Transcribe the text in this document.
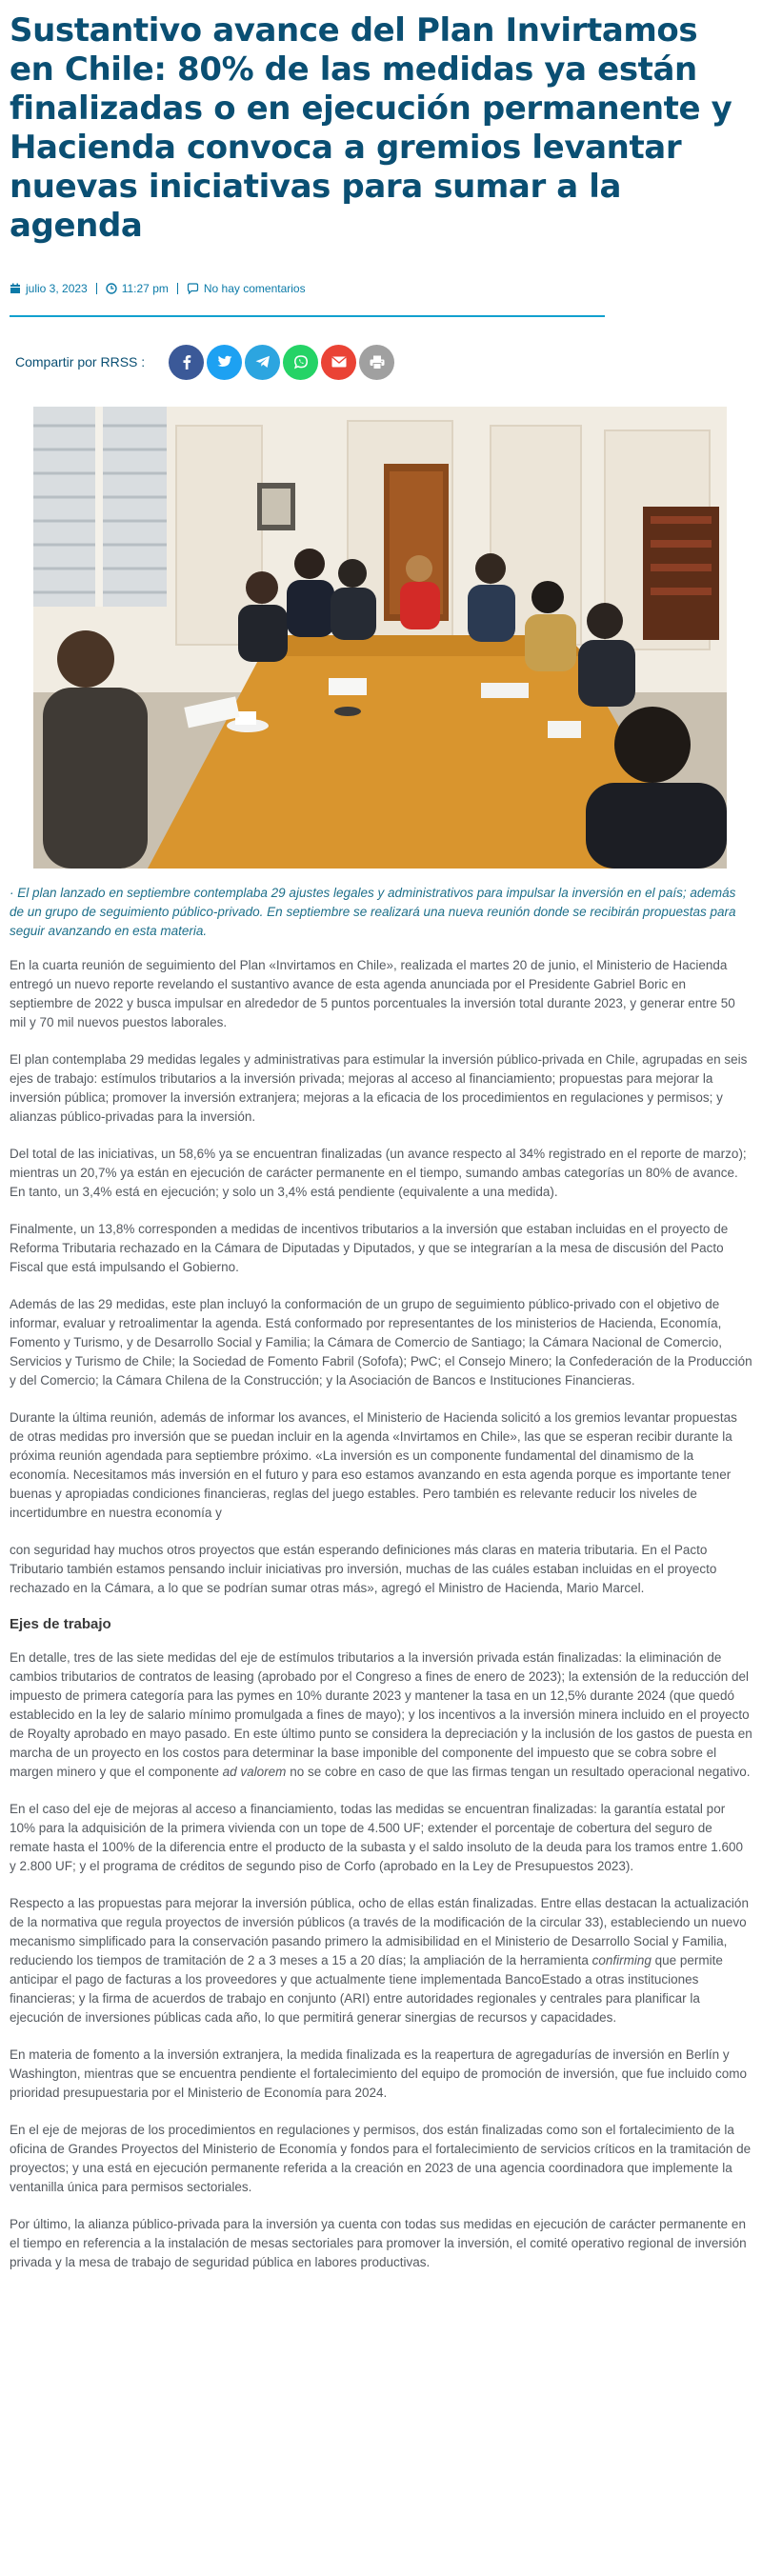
Sustantivo avance del Plan Invirtamos en Chile: 80% de las medidas ya están finalizadas o en ejecución permanente y Hacienda convoca a gremios levantar nuevas iniciativas para sumar a la agenda
julio 3, 2023	11:27 pm	No hay comentarios
Compartir por RRSS :

· El plan lanzado en septiembre contemplaba 29 ajustes legales y administrativos para impulsar la inversión en el país; además de un grupo de seguimiento público-privado. En septiembre se realizará una nueva reunión donde se recibirán propuestas para seguir avanzando en esta materia.

En la cuarta reunión de seguimiento del Plan «Invirtamos en Chile», realizada el martes 20 de junio, el Ministerio de Hacienda entregó un nuevo reporte revelando el sustantivo avance de esta agenda anunciada por el Presidente Gabriel Boric en septiembre de 2022 y busca impulsar en alrededor de 5 puntos porcentuales la inversión total durante 2023, y generar entre 50 mil y 70 mil nuevos puestos laborales.

El plan contemplaba 29 medidas legales y administrativas para estimular la inversión público-privada en Chile, agrupadas en seis ejes de trabajo: estímulos tributarios a la inversión privada; mejoras al acceso al financiamiento; propuestas para mejorar la inversión pública; promover la inversión extranjera; mejoras a la eficacia de los procedimientos en regulaciones y permisos; y alianzas público-privadas para la inversión.

Del total de las iniciativas, un 58,6% ya se encuentran finalizadas (un avance respecto al 34% registrado en el reporte de marzo); mientras un 20,7% ya están en ejecución de carácter permanente en el tiempo, sumando ambas categorías un 80% de avance. En tanto, un 3,4% está en ejecución; y solo un 3,4% está pendiente (equivalente a una medida).

Finalmente, un 13,8% corresponden a medidas de incentivos tributarios a la inversión que estaban incluidas en el proyecto de Reforma Tributaria rechazado en la Cámara de Diputadas y Diputados, y que se integrarían a la mesa de discusión del Pacto Fiscal que está impulsando el Gobierno.

Además de las 29 medidas, este plan incluyó la conformación de un grupo de seguimiento público-privado con el objetivo de informar, evaluar y retroalimentar la agenda. Está conformado por representantes de los ministerios de Hacienda, Economía, Fomento y Turismo, y de Desarrollo Social y Familia; la Cámara de Comercio de Santiago; la Cámara Nacional de Comercio, Servicios y Turismo de Chile; la Sociedad de Fomento Fabril (Sofofa); PwC; el Consejo Minero; la Confederación de la Producción y del Comercio; la Cámara Chilena de la Construcción; y la Asociación de Bancos e Instituciones Financieras.

Durante la última reunión, además de informar los avances, el Ministerio de Hacienda solicitó a los gremios levantar propuestas de otras medidas pro inversión que se puedan incluir en la agenda «Invirtamos en Chile», las que se esperan recibir durante la próxima reunión agendada para septiembre próximo. «La inversión es un componente fundamental del dinamismo de la economía. Necesitamos más inversión en el futuro y para eso estamos avanzando en esta agenda porque es importante tener buenas y apropiadas condiciones financieras, reglas del juego estables. Pero también es relevante reducir los niveles de incertidumbre en nuestra economía y

con seguridad hay muchos otros proyectos que están esperando definiciones más claras en materia tributaria. En el Pacto Tributario también estamos pensando incluir iniciativas pro inversión, muchas de las cuáles estaban incluidas en el proyecto rechazado en la Cámara, a lo que se podrían sumar otras más», agregó el Ministro de Hacienda, Mario Marcel.

Ejes de trabajo

En detalle, tres de las siete medidas del eje de estímulos tributarios a la inversión privada están finalizadas: la eliminación de cambios tributarios de contratos de leasing (aprobado por el Congreso a fines de enero de 2023); la extensión de la reducción del impuesto de primera categoría para las pymes en 10% durante 2023 y mantener la tasa en un 12,5% durante 2024 (que quedó establecido en la ley de salario mínimo promulgada a fines de mayo); y los incentivos a la inversión minera incluido en el proyecto de Royalty aprobado en mayo pasado. En este último punto se considera la depreciación y la inclusión de los gastos de puesta en marcha de un proyecto en los costos para determinar la base imponible del componente del impuesto que se cobra sobre el margen minero y que el componente ad valorem no se cobre en caso de que las firmas tengan un resultado operacional negativo.

En el caso del eje de mejoras al acceso a financiamiento, todas las medidas se encuentran finalizadas: la garantía estatal por 10% para la adquisición de la primera vivienda con un tope de 4.500 UF; extender el porcentaje de cobertura del seguro de remate hasta el 100% de la diferencia entre el producto de la subasta y el saldo insoluto de la deuda para los tramos entre 1.600 y 2.800 UF; y el programa de créditos de segundo piso de Corfo (aprobado en la Ley de Presupuestos 2023).

Respecto a las propuestas para mejorar la inversión pública, ocho de ellas están finalizadas. Entre ellas destacan la actualización de la normativa que regula proyectos de inversión públicos (a través de la modificación de la circular 33), estableciendo un nuevo mecanismo simplificado para la conservación pasando primero la admisibilidad en el Ministerio de Desarrollo Social y Familia, reduciendo los tiempos de tramitación de 2 a 3 meses a 15 a 20 días; la ampliación de la herramienta confirming que permite anticipar el pago de facturas a los proveedores y que actualmente tiene implementada BancoEstado a otras instituciones financieras; y la firma de acuerdos de trabajo en conjunto (ARI) entre autoridades regionales y centrales para planificar la ejecución de inversiones públicas cada año, lo que permitirá generar sinergias de recursos y capacidades.

En materia de fomento a la inversión extranjera, la medida finalizada es la reapertura de agregadurías de inversión en Berlín y Washington, mientras que se encuentra pendiente el fortalecimiento del equipo de promoción de inversión, que fue incluido como prioridad presupuestaria por el Ministerio de Economía para 2024.

En el eje de mejoras de los procedimientos en regulaciones y permisos, dos están finalizadas como son el fortalecimiento de la oficina de Grandes Proyectos del Ministerio de Economía y fondos para el fortalecimiento de servicios críticos en la tramitación de proyectos; y una está en ejecución permanente referida a la creación en 2023 de una agencia coordinadora que implemente la ventanilla única para permisos sectoriales.

Por último, la alianza público-privada para la inversión ya cuenta con todas sus medidas en ejecución de carácter permanente en el tiempo en referencia a la instalación de mesas sectoriales para promover la inversión, el comité operativo regional de inversión privada y la mesa de trabajo de seguridad pública en labores productivas.
